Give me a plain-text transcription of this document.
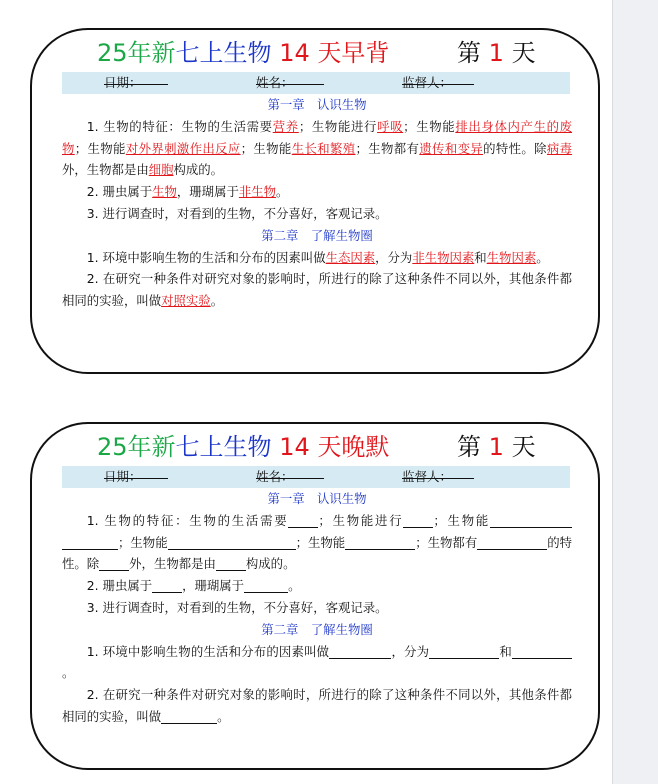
25年新七上生物 14 天早背	第 1 天
日期：	姓名：	监督人：
第一章　认识生物
1. 生物的特征：生物的生活需要营养；生物能进行呼吸；生物能排出身体内产生的废物；生物能对外界刺激作出反应；生物能生长和繁殖；生物都有遗传和变异的特性。除病毒外，生物都是由细胞构成的。
2. 珊虫属于生物，珊瑚属于非生物。
3. 进行调查时，对看到的生物，不分喜好，客观记录。
第二章　了解生物圈
1. 环境中影响生物的生活和分布的因素叫做生态因素，分为非生物因素和生物因素。
2. 在研究一种条件对研究对象的影响时，所进行的除了这种条件不同以外，其他条件都相同的实验，叫做对照实验。
25年新七上生物 14 天晚默	第 1 天
日期：	姓名：	监督人：
第一章　认识生物
1. 生物的特征：生物的生活需要 ；生物能进行 ；生物能；生物能	；生物能	；生物都有	的特性。除 外，生物都是由 构成的。
2. 珊虫属于 ，珊瑚属于	。
3. 进行调查时，对看到的生物，不分喜好，客观记录。
第二章　了解生物圈
1. 环境中影响生物的生活和分布的因素叫做	，分为	和。
2. 在研究一种条件对研究对象的影响时，所进行的除了这种条件不同以外，其他条件都相同的实验，叫做	。
